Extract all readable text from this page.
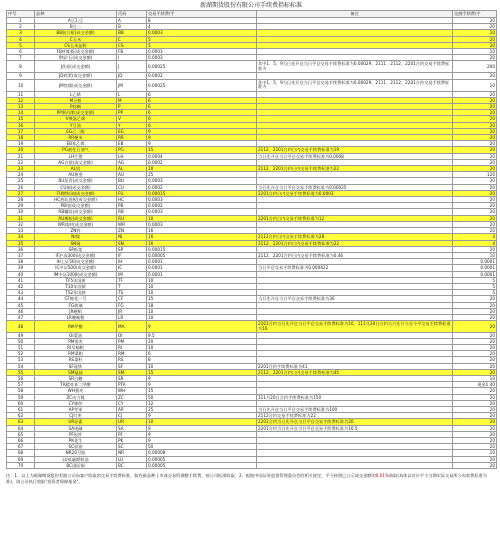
新湖期货股份有限公司手续费指标标准
序号	品种	代码	交易手续费/手	备注	交割手续费/手
1	A豆1,豆	A	8		20
2	B豆二	B	4		20
3	BB胶合板(成交金额)	BB	0.0003		10
4	C玉米	C	5		20
5	CS玉米淀粉	CS	5		20
6	FB纤维板(成交金额)	FB	0.0003		10
7	I铁矿石(成交金额)	I	0.0003		20
8	J焦炭(成交金额)	J	0.00025	其中1、5、9当日先开仓当日平仓交易手续费标准为0.00029；2111、2112、2201合约交易手续费标准为	200
9	JD鸡蛋(成交金额)	JD	0.0002		20
10	JM焦煤(成交金额)	JM	0.00025	其中1、5、9当日先开仓当日平仓交易手续费标准为0.00029；2111、2112、2201合约交易手续费标准为	10
11	L乙烯	L	6		20
12	M豆粕	M	6		20
13	P棕榈	P	6		20
14	PP聚丙烯(成交金额)	PP	6		20
15	V聚氯乙烯	V	6		20
16	Y豆油	Y	6		20
17	EG乙二醇	EG	9		20
18	RR粳米	RR	9		20
19	EB苯乙烯	EB	9		20
20	PG液化石油气	PG	15	2112、2201合约日内交易手续费标准为19	20
21	LH生猪	LH	0.0004	当日先开仓当日平仓交易手续费标准为0.0008	20
22	AG白银(成交金额)	AG	0.0002		20
23	AL铝	AL	10	2112、2201合约日内交易手续费标准为22	20
24	AU黄金	AU	25		120
25	BU沥青(成交金额)	BU	0.0003		20
26	CU铜(成交金额)	CU	0.0002	当日先开仓当日平仓交易手续费标准为0.00025	20
27	FU燃料油(成交金额)	FU	0.00015	2201合约日内交易手续费标准为0.0003	20
28	HC热轧卷板(成交金额)	HC	0.0003		20
29	PB铅(成交金额)	PB	0.0002		20
30	RB螺纹(成交金额)	RB	0.0003		20
31	RU橡胶(成交金额)	RU	10	2201合约日内交易手续费标准为12	20
32	WR线材(成交金额)	WR	0.0003		20
33	ZN锌	ZN	16		20
34	NI镍	NI	16	2112合约日内交易手续费标准为28	4
35	SN锡	SN	16	2112、2201合约日内交易手续费标准为22	4
36	SP纸浆	SP	0.00015		20
37	IF沪深300(成交金额)	IF	0.00005	2112、2201合约日内交易手续费标准为0.46	10
38	IH上证50(成交金额)	IH	0.0001		0.0001
39	IC中证500(成交金额)	IC	0.0001	当日平仓交易手续费标准为0.000422	0.0001
40	IM中证1000(成交金额)	IM	0.0001		0.0001
41	TF5年国债	TF	10		5
42	T10年国债	T	10		5
43	TS2年国债	TS	10		5
44	CF棉花一号	CF	15	当日先开仓当日平仓交易手续费标准为30	20
45	FG玻璃	FG	18		20
46	JR粳稻	JR	10		20
47	LR晚籼稻	LR	10		20
48	MA甲醇	MA	9	2201合约当日先开仓当日平仓交易手续费标准为10，111月20日合约当日先开今仓今平交易手续费标准为16	20
49	OI菜油	OI	9.5		20
50	PM普麦	PM	20		20
51	RI早籼稻	RI	10		20
52	RM菜粕	RM	6		20
53	RS菜籽	RS	8		20
54	SF硅铁	SF	10	2201合约手续费标准为41	20
55	SM锰硅	SM	15	2112、2201合约日内交易手续费标准为45	20
56	SR白糖	SR	9		10
57	TA精对苯二甲酸	PTA	9		现金1 40
58	WH强麦	WH	15		20
59	ZC动力煤	ZC	50	111月20日合约手续费标准为150	20
60	CY棉纱	CY	12		20
61	AP苹果	AP	25	当日先开仓当日平仓交易手续费标准为100	20
62	CJ红枣	CJ	9	2112合约交易手续费标准为22	20
63	UR尿素	UR	10	2201合约当日先开仓当日平仓交易手续费标准为20	20
64	SA纯碱	SA	9	2201合约当日先开仓当日平仓交易手续费标准为16.5	20
65	PF短纤	PF	9		20
66	PK花生	PK	9		20
67	SC原油	SC	50		20
68	NR20号胶	NR	0.00008		10
69	LU低硫燃料油	LU	0.00005		20
70	BC国际铜	BC	0.00005		20
注：1、以上为新湖期货股份有限公司向客户收取的交易手续费标准，如有新品种上市或交易所调整手续费，按公司标准收取。2、根据中国证券监督管理委员会的相关规定，平今按照已公示成交金额的0.01%收取(具体以对应平今当期实际交易所公布收费标准为准)，请公司执行收取"投资者保障基金"。
